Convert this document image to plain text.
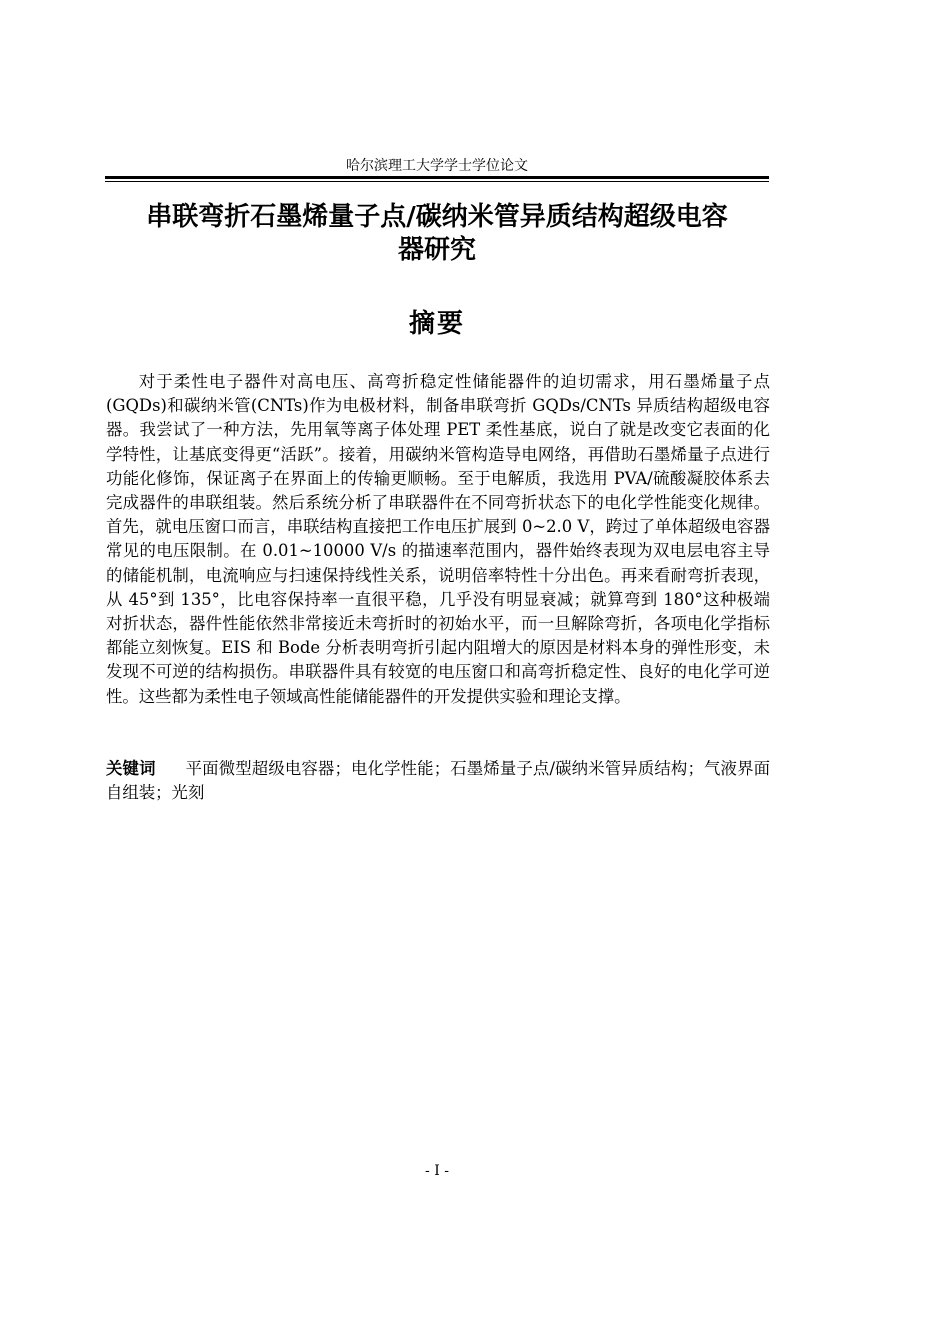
哈尔滨理工大学学士学位论文
串联弯折石墨烯量子点/碳纳米管异质结构超级电容
器研究
摘要

对于柔性电子器件对高电压、高弯折稳定性储能器件的迫切需求，用石墨烯量子点(GQDs)和碳纳米管(CNTs)作为电极材料，制备串联弯折 GQDs/CNTs 异质结构超级电容器。我尝试了一种方法，先用氧等离子体处理 PET 柔性基底，说白了就是改变它表面的化学特性，让基底变得更“活跃”。接着，用碳纳米管构造导电网络，再借助石墨烯量子点进行功能化修饰，保证离子在界面上的传输更顺畅。至于电解质，我选用 PVA/硫酸凝胶体系去完成器件的串联组装。然后系统分析了串联器件在不同弯折状态下的电化学性能变化规律。首先，就电压窗口而言，串联结构直接把工作电压扩展到 0~2.0 V，跨过了单体超级电容器常见的电压限制。在 0.01~10000 V/s 的描速率范围内，器件始终表现为双电层电容主导的储能机制，电流响应与扫速保持线性关系，说明倍率特性十分出色。再来看耐弯折表现，从 45°到 135°，比电容保持率一直很平稳，几乎没有明显衰减；就算弯到 180°这种极端对折状态，器件性能依然非常接近未弯折时的初始水平，而一旦解除弯折，各项电化学指标都能立刻恢复。EIS 和 Bode 分析表明弯折引起内阻增大的原因是材料本身的弹性形变，未发现不可逆的结构损伤。串联器件具有较宽的电压窗口和高弯折稳定性、良好的电化学可逆性。这些都为柔性电子领域高性能储能器件的开发提供实验和理论支撑。

关键词 平面微型超级电容器；电化学性能；石墨烯量子点/碳纳米管异质结构；气液界面自组装；光刻

- I -
